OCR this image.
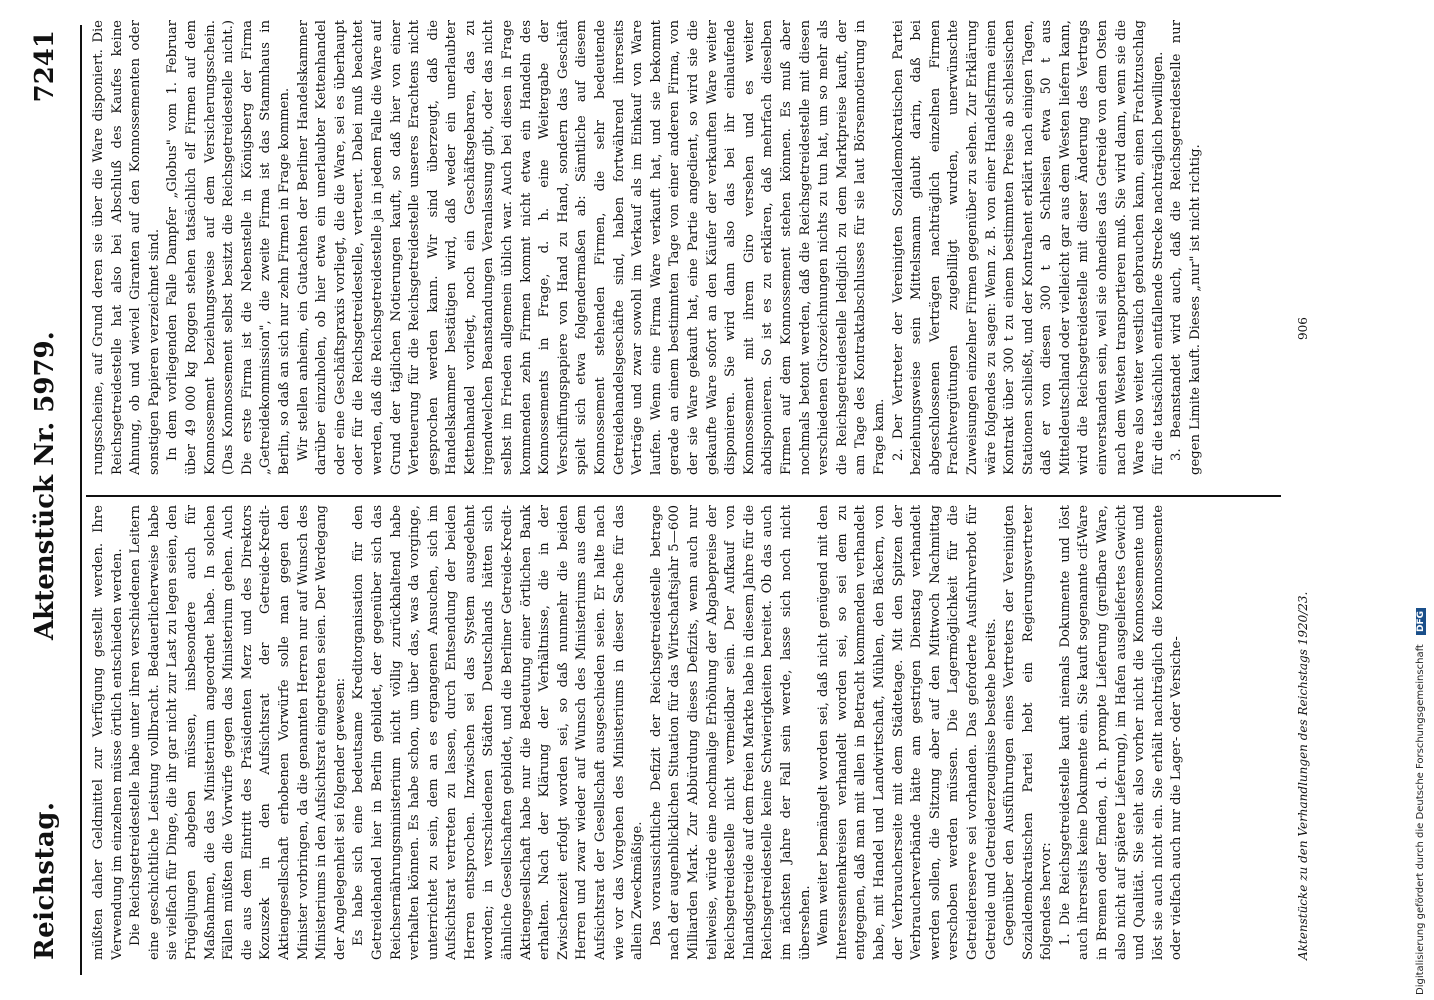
Reichstag.
Aktenstück Nr. 5979.
7241

müßten daher Geldmittel zur Verfügung gestellt werden. Ihre Verwendung im einzelnen müsse örtlich entschieden werden. Die Reichsgetreidestelle habe unter ihren verschiedenen Leitern eine geschichtliche Leistung vollbracht. Bedauerlicherweise habe sie vielfach für Dinge, die ihr gar nicht zur Last zu legen seien, den Prügeljungen abgeben müssen, insbesondere auch für Maßnahmen, die das Ministerium angeordnet habe. In solchen Fällen müßten die Vorwürfe gegen das Ministerium gehen. Auch die aus dem Eintritt des Präsidenten Merz und des Direktors Kozuszek in den Aufsichtsrat der Getreide-Kredit-Aktiengesellschaft erhobenen Vorwürfe solle man gegen den Minister vorbringen, da die genannten Herren nur auf Wunsch des Ministeriums in den Aufsichtsrat eingetreten seien. Der Werdegang der Angelegenheit sei folgender gewesen: Es habe sich eine bedeutsame Kreditorganisation für den Getreidehandel hier in Berlin gebildet, der gegenüber sich das Reichsernährungsministerium nicht völlig zurückhaltend habe verhalten können. Es habe schon, um über das, was da vorginge, unterrichtet zu sein, dem an es ergangenen Ansuchen, sich im Aufsichtsrat vertreten zu lassen, durch Entsendung der beiden Herren entsprochen. Inzwischen sei das System ausgedehnt worden; in verschiedenen Städten Deutschlands hätten sich ähnliche Gesellschaften gebildet, und die Berliner Getreide-Kredit-Aktiengesellschaft habe nur die Bedeutung einer örtlichen Bank erhalten. Nach der Klärung der Verhältnisse, die in der Zwischenzeit erfolgt worden sei, so daß nunmehr die beiden Herren und zwar wieder auf Wunsch des Ministeriums aus dem Aufsichtsrat der Gesellschaft ausgeschieden seien. Er halte nach wie vor das Vorgehen des Ministeriums in dieser Sache für das allein Zweckmäßige. Das voraussichtliche Defizit der Reichsgetreidestelle betrage nach der augenblicklichen Situation für das Wirtschaftsjahr 5—600 Milliarden Mark. Zur Abbürdung dieses Defizits, wenn auch nur teilweise, würde eine nochmalige Erhöhung der Abgabepreise der Reichsgetreidestelle nicht vermeidbar sein. Der Aufkauf von Inlandsgetreide auf dem freien Markte habe in diesem Jahre für die Reichsgetreidestelle keine Schwierigkeiten bereitet. Ob das auch im nächsten Jahre der Fall sein werde, lasse sich noch nicht übersehen. Wenn weiter bemängelt worden sei, daß nicht genügend mit den Interessentenkreisen verhandelt worden sei, so sei dem zu entgegnen, daß man mit allen in Betracht kommenden verhandelt habe, mit Handel und Landwirtschaft, Mühlen, den Bäckern, von der Verbraucherseite mit dem Städtetage. Mit den Spitzen der Verbraucherverbände hätte am gestrigen Dienstag verhandelt werden sollen, die Sitzung aber auf den Mittwoch Nachmittag verschoben werden müssen. Die Lagermöglichkeit für die Getreidereserve sei vorhanden. Das geforderte Ausfuhrverbot für Getreide und Getreideerzeugnisse bestehe bereits. Gegenüber den Ausführungen eines Vertreters der Vereinigten Sozialdemokratischen Partei hebt ein Regierungsvertreter folgendes hervor: 1. Die Reichsgetreidestelle kauft niemals Dokumente und löst auch ihrerseits keine Dokumente ein. Sie kauft sogenannte cif-Ware in Bremen oder Emden, d. h. prompte Lieferung (greifbare Ware, also nicht auf spätere Lieferung), im Hafen ausgeliefertes Gewicht und Qualität. Sie sieht also vorher nicht die Konnossemente und löst sie auch nicht ein. Sie erhält nachträglich die Konnossemente oder vielfach auch nur die Lager- oder Versiche-

rungsscheine, auf Grund deren sie über die Ware disponiert. Die Reichsgetreidestelle hat also bei Abschluß des Kaufes keine Ahnung, ob und wieviel Giranten auf den Konnossementen oder sonstigen Papieren verzeichnet sind. In dem vorliegenden Falle Dampfer „Globus" vom 1. Februar über 49 000 kg Roggen stehen tatsächlich elf Firmen auf dem Konnossement beziehungsweise auf dem Versicherungsschein. (Das Konnossement selbst besitzt die Reichsgetreidestelle nicht.) Die erste Firma ist die Nebenstelle in Königsberg der Firma „Getreidekommission", die zweite Firma ist das Stammhaus in Berlin, so daß an sich nur zehn Firmen in Frage kommen. Wir stellen anheim, ein Gutachten der Berliner Handelskammer darüber einzuholen, ob hier etwa ein unerlaubter Kettenhandel oder eine Geschäftspraxis vorliegt, die die Ware, sei es überhaupt oder für die Reichsgetreidestelle, verteuert. Dabei muß beachtet werden, daß die Reichsgetreidestelle ja in jedem Falle die Ware auf Grund der täglichen Notierungen kauft, so daß hier von einer Verteuerung für die Reichsgetreidestelle unseres Erachtens nicht gesprochen werden kann. Wir sind überzeugt, daß die Handelskammer bestätigen wird, daß weder ein unerlaubter Kettenhandel vorliegt, noch ein Geschäftsgebaren, das zu irgendwelchen Beanstandungen Veranlassung gibt, oder das nicht selbst im Frieden allgemein üblich war. Auch bei diesen in Frage kommenden zehn Firmen kommt nicht etwa ein Handeln des Konnossements in Frage, d. h. eine Weitergabe der Verschiffungspapiere von Hand zu Hand, sondern das Geschäft spielt sich etwa folgendermaßen ab: Sämtliche auf diesem Konnossement stehenden Firmen, die sehr bedeutende Getreidehandelsgeschäfte sind, haben fortwährend ihrerseits Verträge und zwar sowohl im Verkauf als im Einkauf von Ware laufen. Wenn eine Firma Ware verkauft hat, und sie bekommt gerade an einem bestimmten Tage von einer anderen Firma, von der sie Ware gekauft hat, eine Partie angedient, so wird sie die gekaufte Ware sofort an den Käufer der verkauften Ware weiter disponieren. Sie wird dann also das bei ihr einlaufende Konnossement mit ihrem Giro versehen und es weiter abdisponieren. So ist es zu erklären, daß mehrfach dieselben Firmen auf dem Konnossement stehen können. Es muß aber nochmals betont werden, daß die Reichsgetreidestelle mit diesen verschiedenen Girozeichnungen nichts zu tun hat, um so mehr als die Reichsgetreidestelle lediglich zu dem Marktpreise kauft, der am Tage des Kontraktabschlusses für sie laut Börsennotierung in Frage kam. 2. Der Vertreter der Vereinigten Sozialdemokratischen Partei beziehungsweise sein Mittelsmann glaubt darin, daß bei abgeschlossenen Verträgen nachträglich einzelnen Firmen Frachtvergütungen zugebilligt wurden, unerwünschte Zuweisungen einzelner Firmen gegenüber zu sehen. Zur Erklärung wäre folgendes zu sagen: Wenn z. B. von einer Handelsfirma einen Kontrakt über 300 t zu einem bestimmten Preise ab schlesischen Stationen schließt, und der Kontrahent erklärt nach einigen Tagen, daß er von diesen 300 t ab Schlesien etwa 50 t aus Mitteldeutschland oder vielleicht gar aus dem Westen liefern kann, wird die Reichsgetreidestelle mit dieser Änderung des Vertrags einverstanden sein, weil sie ohnedies das Getreide von dem Osten nach dem Westen transportieren muß. Sie wird dann, wenn sie die Ware also weiter westlich gebrauchen kann, einen Frachtzuschlag für die tatsächlich entfallende Strecke nachträglich bewilligen. 3. Beanstandet wird auch, daß die Reichsgetreidestelle nur gegen Limite kauft. Dieses „nur" ist nicht richtig.

Aktenstücke zu den Verhandlungen des Reichstags 1920/23.
906
Digitalisierung gefördert durch die Deutsche Forschungsgemeinschaft DFG
